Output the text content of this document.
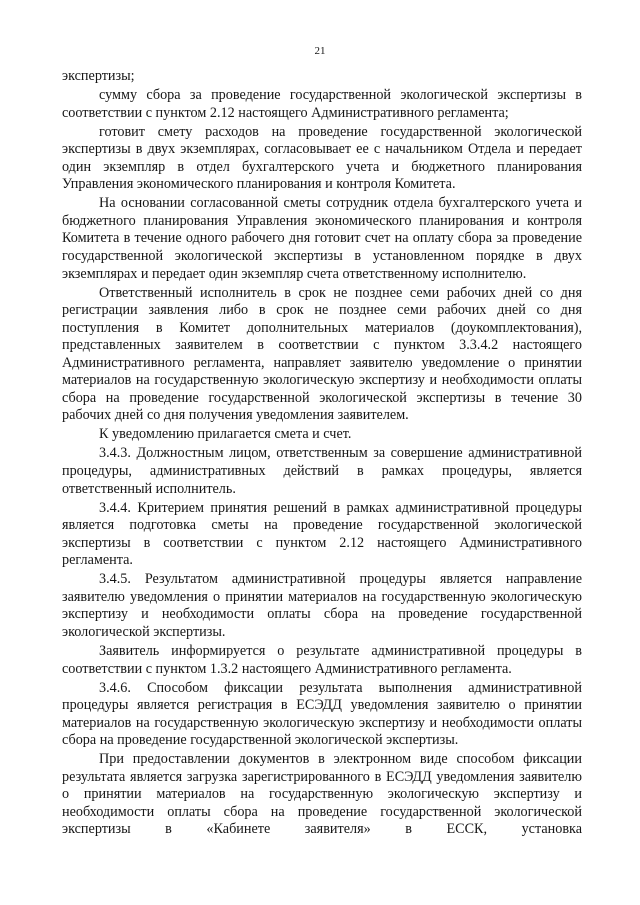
21

экспертизы;

сумму сбора за проведение государственной экологической экспертизы в соответствии с пунктом 2.12 настоящего Административного регламента;

готовит смету расходов на проведение государственной экологической экспертизы в двух экземплярах, согласовывает ее с начальником Отдела и передает один экземпляр в отдел бухгалтерского учета и бюджетного планирования Управления экономического планирования и контроля Комитета.

На основании согласованной сметы сотрудник отдела бухгалтерского учета и бюджетного планирования Управления экономического планирования и контроля Комитета в течение одного рабочего дня готовит счет на оплату сбора за проведение государственной экологической экспертизы в установленном порядке в двух экземплярах и передает один экземпляр счета ответственному исполнителю.

Ответственный исполнитель в срок не позднее семи рабочих дней со дня регистрации заявления либо в срок не позднее семи рабочих дней со дня поступления в Комитет дополнительных материалов (доукомплектования), представленных заявителем в соответствии с пунктом 3.3.4.2 настоящего Административного регламента, направляет заявителю уведомление о принятии материалов на государственную экологическую экспертизу и необходимости оплаты сбора на проведение государственной экологической экспертизы в течение 30 рабочих дней со дня получения уведомления заявителем.

К уведомлению прилагается смета и счет.

3.4.3. Должностным лицом, ответственным за совершение административной процедуры, административных действий в рамках процедуры, является ответственный исполнитель.

3.4.4. Критерием принятия решений в рамках административной процедуры является подготовка сметы на проведение государственной экологической экспертизы в соответствии с пунктом 2.12 настоящего Административного регламента.

3.4.5. Результатом административной процедуры является направление заявителю уведомления о принятии материалов на государственную экологическую экспертизу и необходимости оплаты сбора на проведение государственной экологической экспертизы.

Заявитель информируется о результате административной процедуры в соответствии с пунктом 1.3.2 настоящего Административного регламента.

3.4.6. Способом фиксации результата выполнения административной процедуры является регистрация в ЕСЭДД уведомления заявителю о принятии материалов на государственную экологическую экспертизу и необходимости оплаты сбора на проведение государственной экологической экспертизы.

При предоставлении документов в электронном виде способом фиксации результата является загрузка зарегистрированного в ЕСЭДД уведомления заявителю о принятии материалов на государственную экологическую экспертизу и необходимости оплаты сбора на проведение государственной экологической экспертизы в «Кабинете заявителя» в ЕССК, установка
